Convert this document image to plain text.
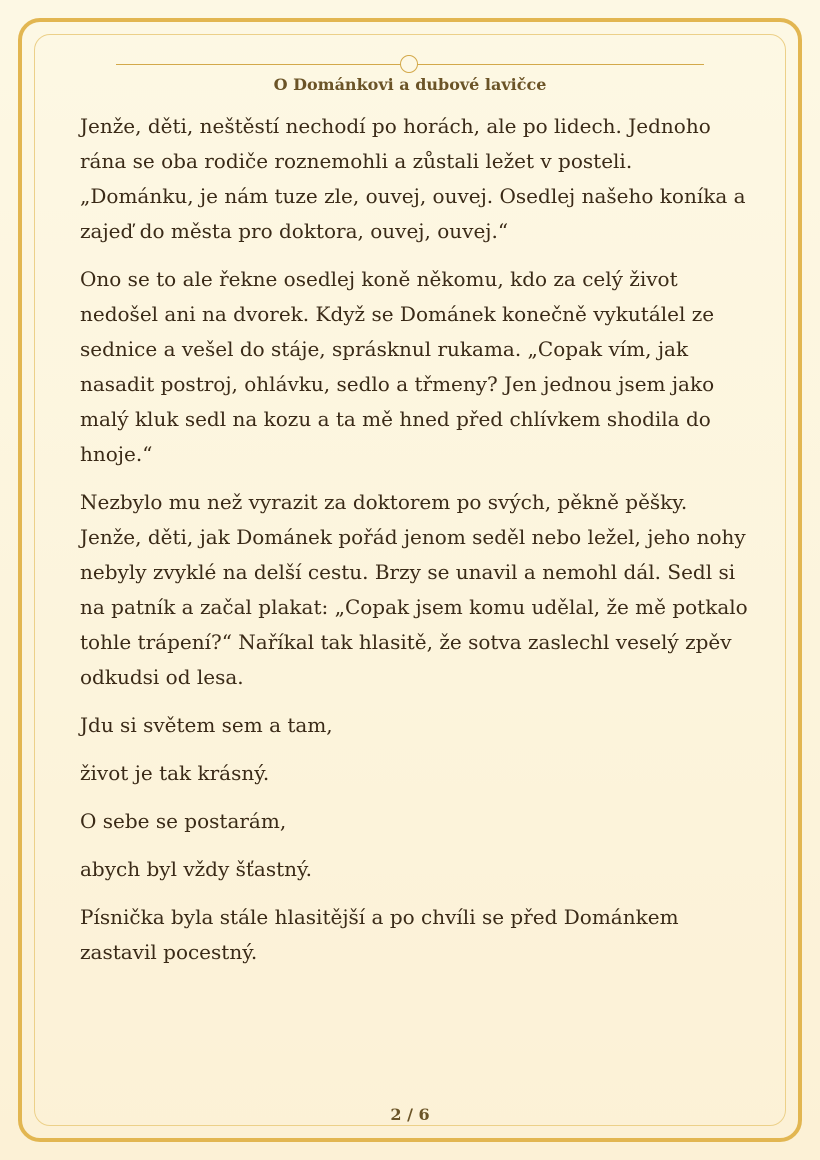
O Dománkovi a dubové lavičce

Jenže, děti, neštěstí nechodí po horách, ale po lidech. Jednoho rána se oba rodiče roznemohli a zůstali ležet v posteli. „Dománku, je nám tuze zle, ouvej, ouvej. Osedlej našeho koníka a zajeď do města pro doktora, ouvej, ouvej.“

Ono se to ale řekne osedlej koně někomu, kdo za celý život nedošel ani na dvorek. Když se Dománek konečně vykutálel ze sednice a vešel do stáje, sprásknul rukama. „Copak vím, jak nasadit postroj, ohlávku, sedlo a třmeny? Jen jednou jsem jako malý kluk sedl na kozu a ta mě hned před chlívkem shodila do hnoje.“

Nezbylo mu než vyrazit za doktorem po svých, pěkně pěšky. Jenže, děti, jak Dománek pořád jenom seděl nebo ležel, jeho nohy nebyly zvyklé na delší cestu. Brzy se unavil a nemohl dál. Sedl si na patník a začal plakat: „Copak jsem komu udělal, že mě potkalo tohle trápení?“ Naříkal tak hlasitě, že sotva zaslechl veselý zpěv odkudsi od lesa.

Jdu si světem sem a tam,

život je tak krásný.

O sebe se postarám,

abych byl vždy šťastný.

Písnička byla stále hlasitější a po chvíli se před Dománkem zastavil pocestný.

2 / 6
